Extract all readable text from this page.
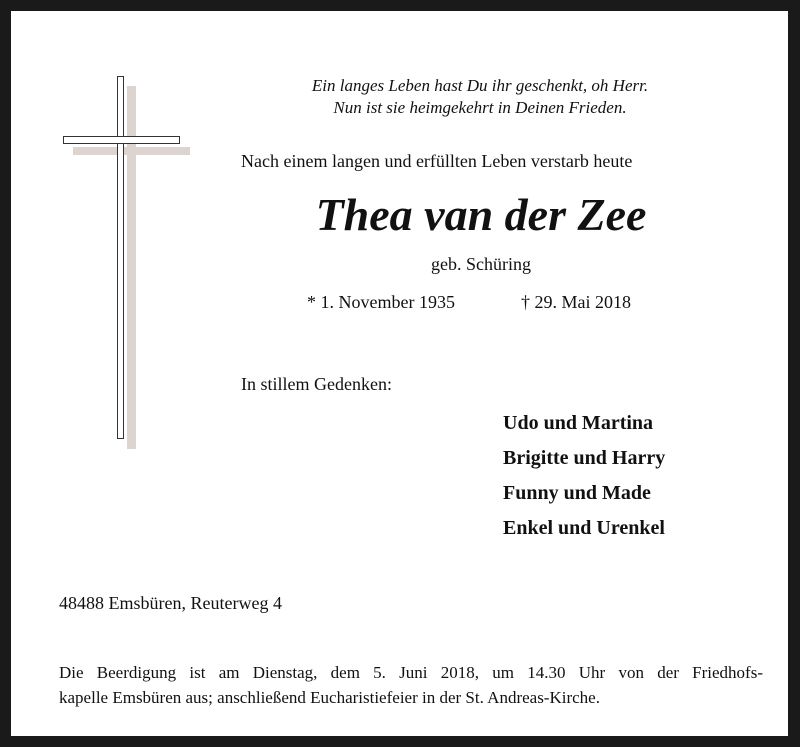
Ein langes Leben hast Du ihr geschenkt, oh Herr.
Nun ist sie heimgekehrt in Deinen Frieden.
Nach einem langen und erfüllten Leben verstarb heute
Thea van der Zee
geb. Schüring
* 1. November 1935	† 29. Mai 2018
In stillem Gedenken:
Udo und Martina
Brigitte und Harry
Funny und Made
Enkel und Urenkel
48488 Emsbüren, Reuterweg 4
Die Beerdigung ist am Dienstag, dem 5. Juni 2018, um 14.30 Uhr von der Friedhofs-
kapelle Emsbüren aus; anschließend Eucharistiefeier in der St. Andreas-Kirche.
